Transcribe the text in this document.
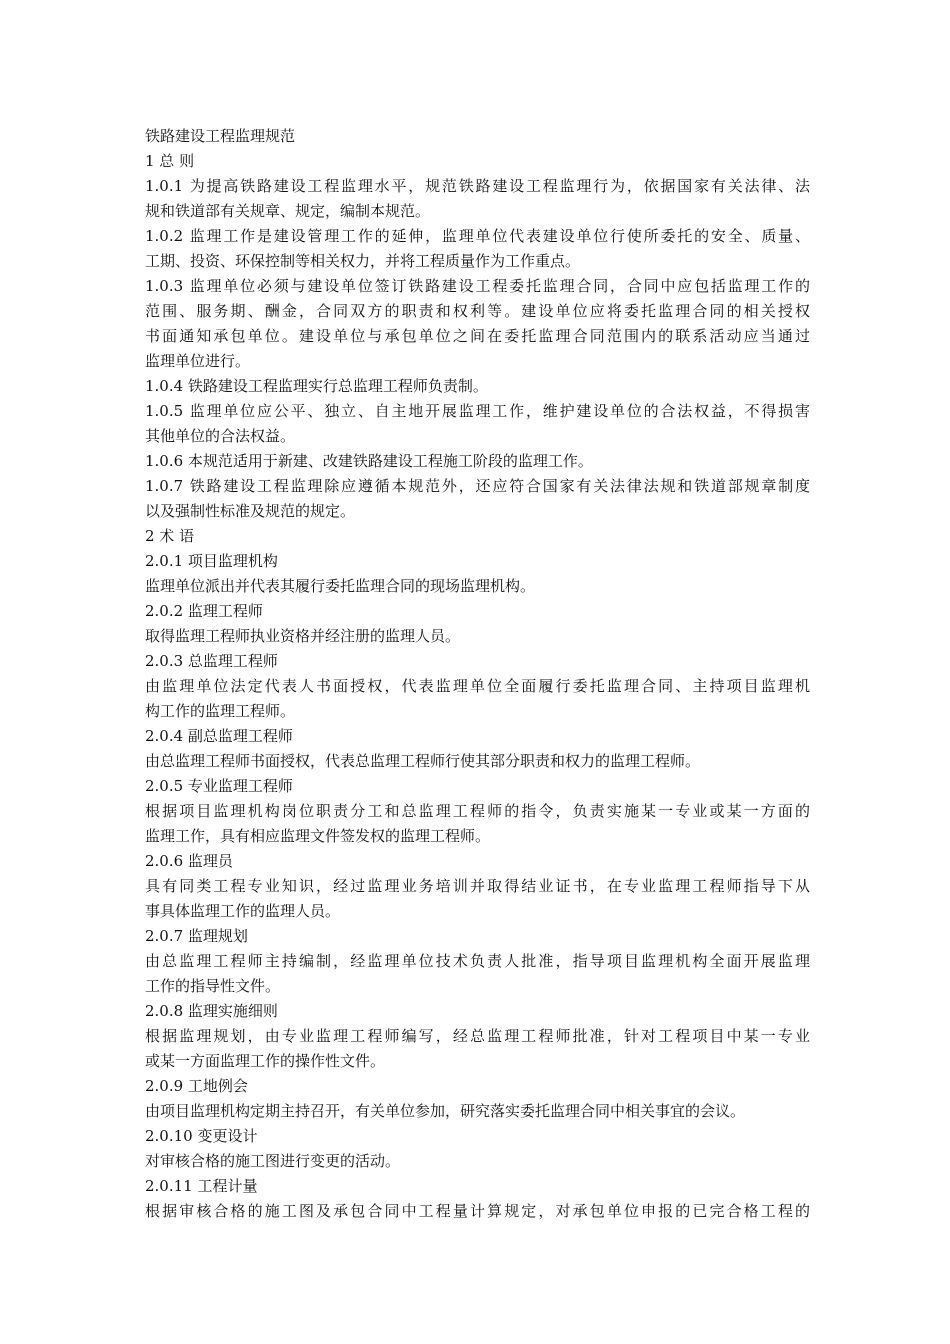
铁路建设工程监理规范
1 总 则
1.0.1 为提高铁路建设工程监理水平，规范铁路建设工程监理行为，依据国家有关法律、法
规和铁道部有关规章、规定，编制本规范。
1.0.2 监理工作是建设管理工作的延伸，监理单位代表建设单位行使所委托的安全、质量、
工期、投资、环保控制等相关权力，并将工程质量作为工作重点。
1.0.3 监理单位必须与建设单位签订铁路建设工程委托监理合同，合同中应包括监理工作的
范围、服务期、酬金，合同双方的职责和权利等。建设单位应将委托监理合同的相关授权
书面通知承包单位。建设单位与承包单位之间在委托监理合同范围内的联系活动应当通过
监理单位进行。
1.0.4 铁路建设工程监理实行总监理工程师负责制。
1.0.5 监理单位应公平、独立、自主地开展监理工作，维护建设单位的合法权益，不得损害
其他单位的合法权益。
1.0.6 本规范适用于新建、改建铁路建设工程施工阶段的监理工作。
1.0.7 铁路建设工程监理除应遵循本规范外，还应符合国家有关法律法规和铁道部规章制度
以及强制性标准及规范的规定。
2 术 语
2.0.1 项目监理机构
监理单位派出并代表其履行委托监理合同的现场监理机构。
2.0.2 监理工程师
取得监理工程师执业资格并经注册的监理人员。
2.0.3 总监理工程师
由监理单位法定代表人书面授权，代表监理单位全面履行委托监理合同、主持项目监理机
构工作的监理工程师。
2.0.4 副总监理工程师
由总监理工程师书面授权，代表总监理工程师行使其部分职责和权力的监理工程师。
2.0.5 专业监理工程师
根据项目监理机构岗位职责分工和总监理工程师的指令，负责实施某一专业或某一方面的
监理工作，具有相应监理文件签发权的监理工程师。
2.0.6 监理员
具有同类工程专业知识，经过监理业务培训并取得结业证书，在专业监理工程师指导下从
事具体监理工作的监理人员。
2.0.7 监理规划
由总监理工程师主持编制，经监理单位技术负责人批准，指导项目监理机构全面开展监理
工作的指导性文件。
2.0.8 监理实施细则
根据监理规划，由专业监理工程师编写，经总监理工程师批准，针对工程项目中某一专业
或某一方面监理工作的操作性文件。
2.0.9 工地例会
由项目监理机构定期主持召开，有关单位参加，研究落实委托监理合同中相关事宜的会议。
2.0.10 变更设计
对审核合格的施工图进行变更的活动。
2.0.11 工程计量
根据审核合格的施工图及承包合同中工程量计算规定，对承包单位申报的已完合格工程的
